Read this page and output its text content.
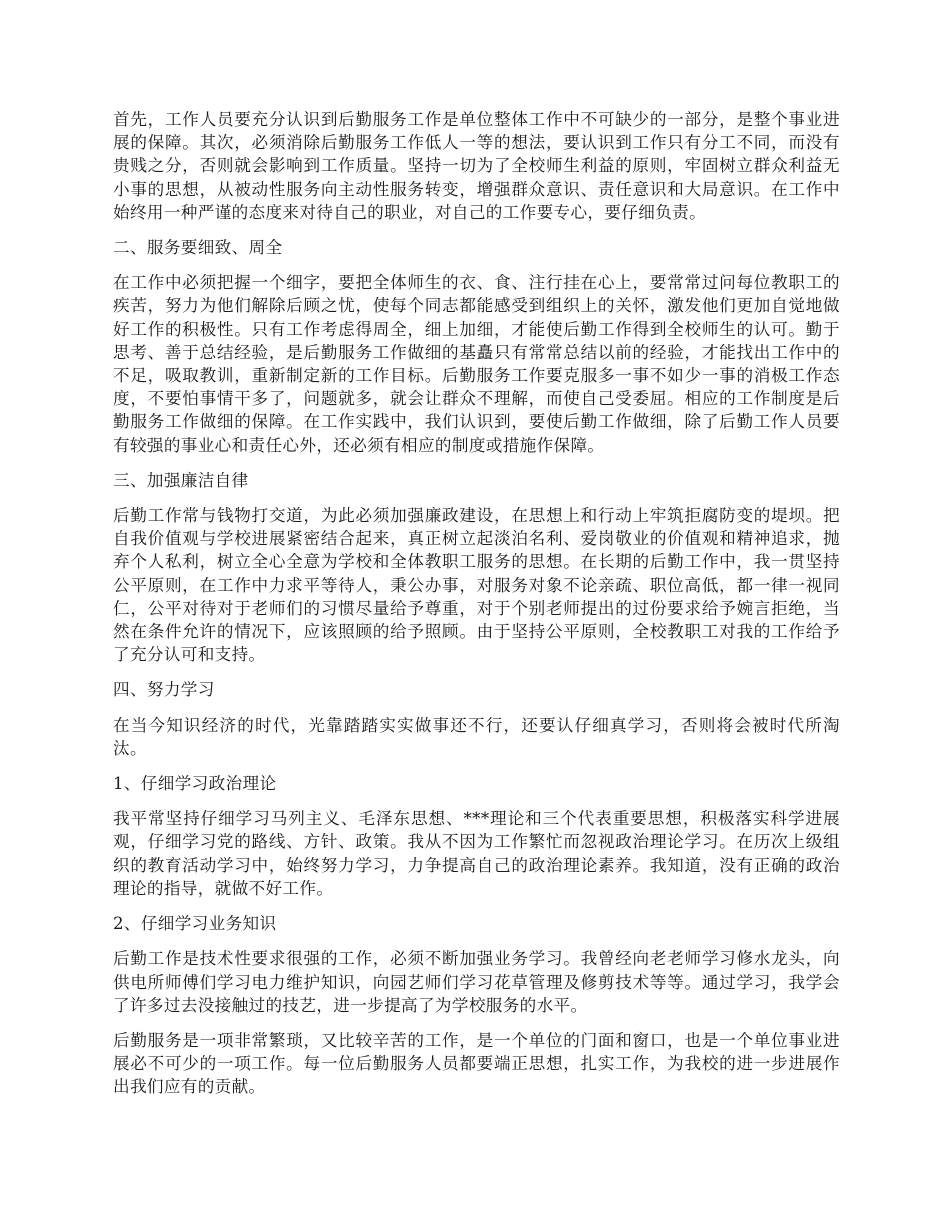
首先，工作人员要充分认识到后勤服务工作是单位整体工作中不可缺少的一部分，是整个事业进展的保障。其次，必须消除后勤服务工作低人一等的想法，要认识到工作只有分工不同，而没有贵贱之分，否则就会影响到工作质量。坚持一切为了全校师生利益的原则，牢固树立群众利益无小事的思想，从被动性服务向主动性服务转变，增强群众意识、责任意识和大局意识。在工作中始终用一种严谨的态度来对待自己的职业，对自己的工作要专心，要仔细负责。

二、服务要细致、周全

在工作中必须把握一个细字，要把全体师生的衣、食、注行挂在心上，要常常过问每位教职工的疾苦，努力为他们解除后顾之忧，使每个同志都能感受到组织上的关怀，激发他们更加自觉地做好工作的积极性。只有工作考虑得周全，细上加细，才能使后勤工作得到全校师生的认可。勤于思考、善于总结经验，是后勤服务工作做细的基矗只有常常总结以前的经验，才能找出工作中的不足，吸取教训，重新制定新的工作目标。后勤服务工作要克服多一事不如少一事的消极工作态度，不要怕事情干多了，问题就多，就会让群众不理解，而使自己受委屈。相应的工作制度是后勤服务工作做细的保障。在工作实践中，我们认识到，要使后勤工作做细，除了后勤工作人员要有较强的事业心和责任心外，还必须有相应的制度或措施作保障。

三、加强廉洁自律

后勤工作常与钱物打交道，为此必须加强廉政建设，在思想上和行动上牢筑拒腐防变的堤坝。把自我价值观与学校进展紧密结合起来，真正树立起淡泊名利、爱岗敬业的价值观和精神追求，抛弃个人私利，树立全心全意为学校和全体教职工服务的思想。在长期的后勤工作中，我一贯坚持公平原则，在工作中力求平等待人，秉公办事，对服务对象不论亲疏、职位高低，都一律一视同仁，公平对待对于老师们的习惯尽量给予尊重，对于个别老师提出的过份要求给予婉言拒绝，当然在条件允许的情况下，应该照顾的给予照顾。由于坚持公平原则，全校教职工对我的工作给予了充分认可和支持。

四、努力学习

在当今知识经济的时代，光靠踏踏实实做事还不行，还要认仔细真学习，否则将会被时代所淘汰。

1、仔细学习政治理论

我平常坚持仔细学习马列主义、毛泽东思想、***理论和三个代表重要思想，积极落实科学进展观，仔细学习党的路线、方针、政策。我从不因为工作繁忙而忽视政治理论学习。在历次上级组织的教育活动学习中，始终努力学习，力争提高自己的政治理论素养。我知道，没有正确的政治理论的指导，就做不好工作。

2、仔细学习业务知识

后勤工作是技术性要求很强的工作，必须不断加强业务学习。我曾经向老老师学习修水龙头，向供电所师傅们学习电力维护知识，向园艺师们学习花草管理及修剪技术等等。通过学习，我学会了许多过去没接触过的技艺，进一步提高了为学校服务的水平。

后勤服务是一项非常繁琐，又比较辛苦的工作，是一个单位的门面和窗口，也是一个单位事业进展必不可少的一项工作。每一位后勤服务人员都要端正思想，扎实工作，为我校的进一步进展作出我们应有的贡献。
